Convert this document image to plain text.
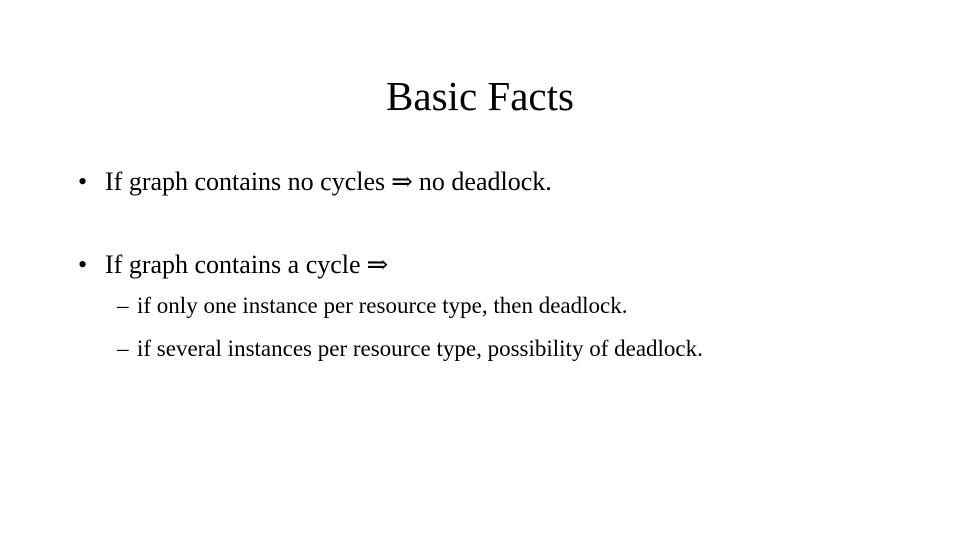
Basic Facts
• If graph contains no cycles ⇒ no deadlock.
• If graph contains a cycle ⇒
– if only one instance per resource type, then deadlock.
– if several instances per resource type, possibility of deadlock.
